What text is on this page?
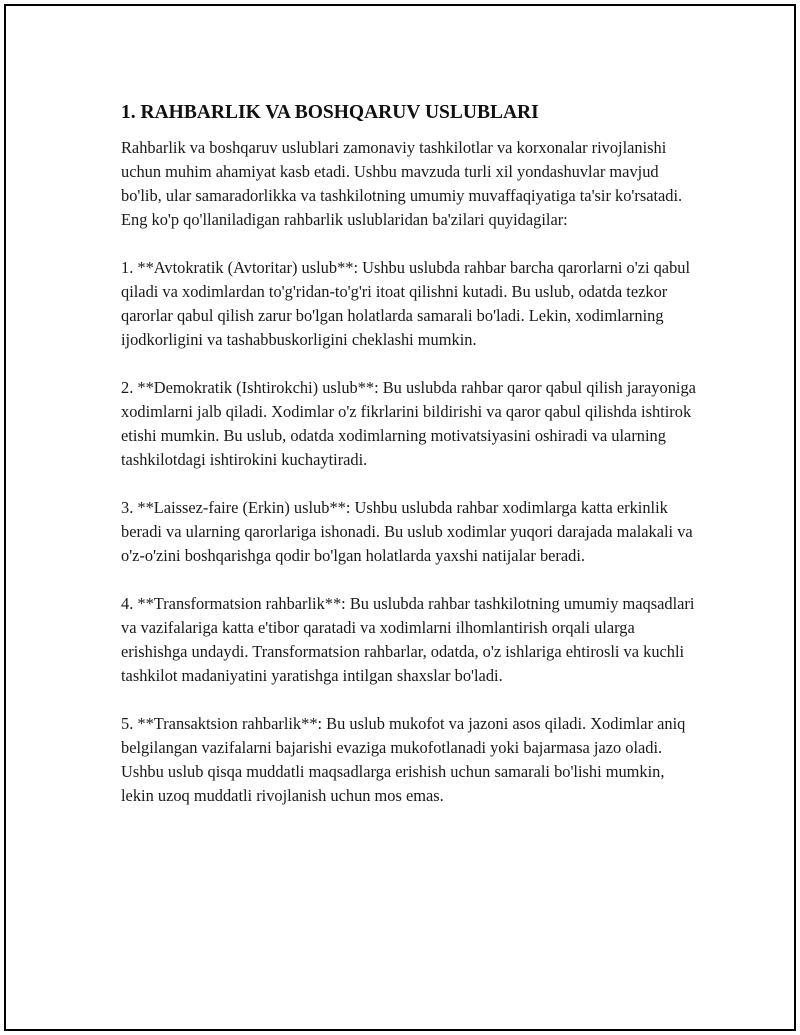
1. RAHBARLIK VA BOSHQARUV USLUBLARI

Rahbarlik va boshqaruv uslublari zamonaviy tashkilotlar va korxonalar rivojlanishi uchun muhim ahamiyat kasb etadi. Ushbu mavzuda turli xil yondashuvlar mavjud bo'lib, ular samaradorlikka va tashkilotning umumiy muvaffaqiyatiga ta'sir ko'rsatadi. Eng ko'p qo'llaniladigan rahbarlik uslublaridan ba'zilari quyidagilar:

1. **Avtokratik (Avtoritar) uslub**: Ushbu uslubda rahbar barcha qarorlarni o'zi qabul qiladi va xodimlardan to'g'ridan-to'g'ri itoat qilishni kutadi. Bu uslub, odatda tezkor qarorlar qabul qilish zarur bo'lgan holatlarda samarali bo'ladi. Lekin, xodimlarning ijodkorligini va tashabbuskorligini cheklashi mumkin.

2. **Demokratik (Ishtirokchi) uslub**: Bu uslubda rahbar qaror qabul qilish jarayoniga xodimlarni jalb qiladi. Xodimlar o'z fikrlarini bildirishi va qaror qabul qilishda ishtirok etishi mumkin. Bu uslub, odatda xodimlarning motivatsiyasini oshiradi va ularning tashkilotdagi ishtirokini kuchaytiradi.

3. **Laissez-faire (Erkin) uslub**: Ushbu uslubda rahbar xodimlarga katta erkinlik beradi va ularning qarorlariga ishonadi. Bu uslub xodimlar yuqori darajada malakali va o'z-o'zini boshqarishga qodir bo'lgan holatlarda yaxshi natijalar beradi.

4. **Transformatsion rahbarlik**: Bu uslubda rahbar tashkilotning umumiy maqsadlari va vazifalariga katta e'tibor qaratadi va xodimlarni ilhomlantirish orqali ularga erishishga undaydi. Transformatsion rahbarlar, odatda, o'z ishlariga ehtirosli va kuchli tashkilot madaniyatini yaratishga intilgan shaxslar bo'ladi.

5. **Transaktsion rahbarlik**: Bu uslub mukofot va jazoni asos qiladi. Xodimlar aniq belgilangan vazifalarni bajarishi evaziga mukofotlanadi yoki bajarmasa jazo oladi. Ushbu uslub qisqa muddatli maqsadlarga erishish uchun samarali bo'lishi mumkin, lekin uzoq muddatli rivojlanish uchun mos emas.
